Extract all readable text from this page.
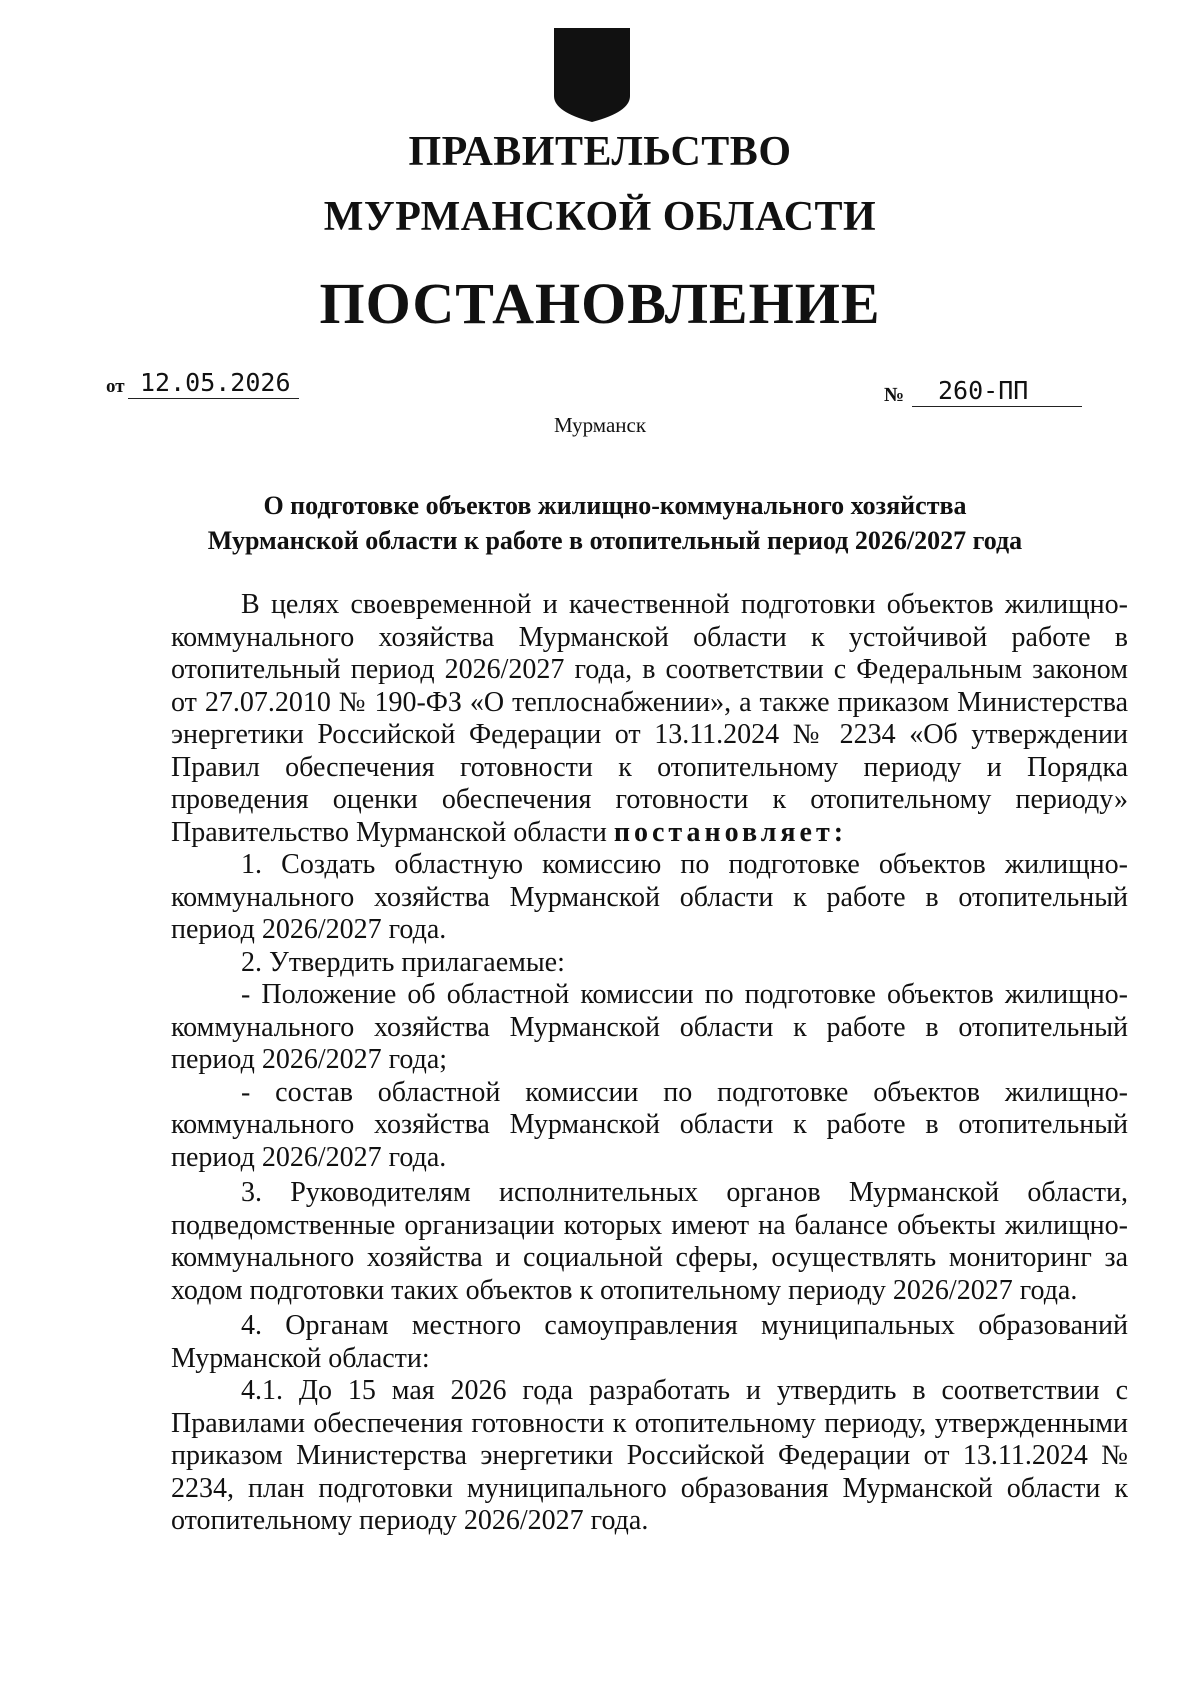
ПРАВИТЕЛЬСТВО
МУРМАНСКОЙ ОБЛАСТИ
ПОСТАНОВЛЕНИЕ
от 12.05.2026	№	260-ПП
Мурманск
О подготовке объектов жилищно-коммунального хозяйства
Мурманской области к работе в отопительный период 2026/2027 года

В целях своевременной и качественной подготовки объектов жилищно-коммунального хозяйства Мурманской области к устойчивой работе в отопительный период 2026/2027 года, в соответствии с Федеральным законом от 27.07.2010 № 190-ФЗ «О теплоснабжении», а также приказом Министерства энергетики Российской Федерации от 13.11.2024 № 2234 «Об утверждении Правил обеспечения готовности к отопительному периоду и Порядка проведения оценки обеспечения готовности к отопительному периоду» Правительство Мурманской области постановляет:

1. Создать областную комиссию по подготовке объектов жилищно-коммунального хозяйства Мурманской области к работе в отопительный период 2026/2027 года.

2. Утвердить прилагаемые:

- Положение об областной комиссии по подготовке объектов жилищно-коммунального хозяйства Мурманской области к работе в отопительный период 2026/2027 года;

- состав областной комиссии по подготовке объектов жилищно-коммунального хозяйства Мурманской области к работе в отопительный период 2026/2027 года.

3. Руководителям исполнительных органов Мурманской области, подведомственные организации которых имеют на балансе объекты жилищно-коммунального хозяйства и социальной сферы, осуществлять мониторинг за ходом подготовки таких объектов к отопительному периоду 2026/2027 года.

4. Органам местного самоуправления муниципальных образований Мурманской области:

4.1. До 15 мая 2026 года разработать и утвердить в соответствии с Правилами обеспечения готовности к отопительному периоду, утвержденными приказом Министерства энергетики Российской Федерации от 13.11.2024 № 2234, план подготовки муниципального образования Мурманской области к отопительному периоду 2026/2027 года.
